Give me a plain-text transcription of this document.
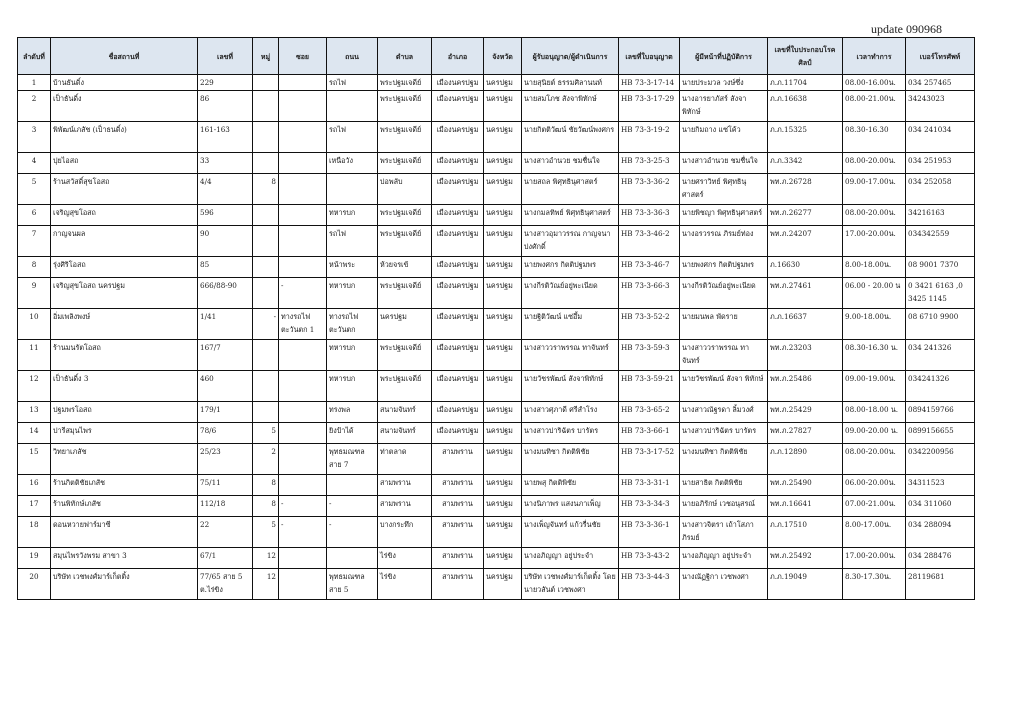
update 090968
ลำดับที่	ชื่อสถานที่	เลขที่	หมู่	ซอย	ถนน	ตำบล	อำเภอ	จังหวัด	ผู้รับอนุญาต/ผู้ดำเนินการ	เลขที่ใบอนุญาต	ผู้มีหน้าที่ปฏิบัติการ	เลขที่ใบประกอบโรคศิลป์	เวลาทำการ	เบอร์โทรศัพท์
1	บ้านธันดิ์ง	229			รถไฟ	พระปฐมเจดีย์	เมืองนครปฐม	นครปฐม	นายสุนิยต์ ธรรมศิลานนท์	HB 73-3-17-14	นายประมวล วงษ์ซึ่ง	ภ.ภ.11704	08.00-16.00น.	034 257465
2	เป็าธันดิ์ง	86				พระปฐมเจดีย์	เมืองนครปฐม	นครปฐม	นายสมโภช สังจาพิทักษ์	HB 73-3-17-29	นางอารยาภัสร์ สังจา พิทักษ์	ภ.ภ.16638	08.00-21.00น.	34243023
3	พิพัฒน์เภสัช (เป็าธนดิ์ง)	161-163			รถไฟ	พระปฐมเจดีย์	เมืองนครปฐม	นครปฐม	นายกิตติวัฒน์ ชัยวัฒน์พงศกร	HB 73-3-19-2	นายกิมถาง แซ่โค้ว	ภ.ภ.15325	08.30-16.30	034 241034
4	ปุยไอสถ	33			เหนือวัง	พระปฐมเจดีย์	เมืองนครปฐม	นครปฐม	นางสาวอำนวย ชมชื่นใจ	HB 73-3-25-3	นางสาวอำนวย ชมชื่นใจ	ภ.ภ.3342	08.00-20.00น.	034 251953
5	ร้านสวัสดิ์สุขโอสถ	4/4	8			บ่อพลับ	เมืองนครปฐม	นครปฐม	นายสถล พิศุทธินุศาสตร์	HB 73-3-36-2	นายศราวิทย์ พิศุทธินุ ศาสตร์	พท.ภ.26728	09.00-17.00น.	034 252058
6	เจริญสุขโอสถ	596			ทหารบก	พระปฐมเจดีย์	เมืองนครปฐม	นครปฐม	นางกมลทิพย์ พิศุทธินุศาสตร์	HB 73-3-36-3	นายพิชญา พิศุทธินุศาสตร์	พท.ภ.26277	08.00-20.00น.	34216163
7	กาญจนผล	90			รถไฟ	พระปฐมเจดีย์	เมืองนครปฐม	นครปฐม	นางสาวอุมาวรรณ กาญจนาบ่งศักดิ์	HB 73-3-46-2	นางอรวรรณ ภิรมย์ท่อง	พท.ภ.24207	17.00-20.00น.	034342559
8	รุ่งศิริโอสถ	85			หน้าพระ	ห้วยจรเข้	เมืองนครปฐม	นครปฐม	นายพงศกร กิตติปฐมพร	HB 73-3-46-7	นายพงศกร กิตติปฐมพร	ภ.16630	8.00-18.00น.	08 9001 7370
9	เจริญสุขโอสถ นครปฐม	666/88-90		-	ทหารบก	พระปฐมเจดีย์	เมืองนครปฐม	นครปฐม	นางกีรติวัณย์อยู่พะเนียด	HB 73-3-66-3	นางกีรติวัณย์อยู่พะเนียด	พท.ภ.27461	06.00 - 20.00 น	0 3421 6163 ,0 3425 1145
10	อิ่มเพลิงพงษ์	1/41	-	ทางรถไฟ ตะวันตก 1	ทางรถไฟ ตะวันตก	นครปฐม	เมืองนครปฐม	นครปฐม	นายฐิติวัฒน์ แซ่อึ้ม	HB 73-3-52-2	นายมนพล พัดราย	ภ.ภ.16637	9.00-18.00น.	08 6710 9900
11	ร้านมนรัตโอสถ	167/7			ทหารบก	พระปฐมเจดีย์	เมืองนครปฐม	นครปฐม	นางสาววราพรรณ ทาจันทร์	HB 73-3-59-3	นางสาววราพรรณ ทา จันทร์	พท.ภ.23203	08.30-16.30 น.	034 241326
12	เป็าธันดิ์ง 3	460			ทหารบก	พระปฐมเจดีย์	เมืองนครปฐม	นครปฐม	นายวัชรพัฒน์ สังจาพิทักษ์	HB 73-3-59-21	นายวัชรพัฒน์ สังจา พิทักษ์	พท.ภ.25486	09.00-19.00น.	034241326
13	ปฐมพรโอสถ	179/1			ทรงพล	สนามจันทร์	เมืองนครปฐม	นครปฐม	นางสาวศุภาดี ศรีสำโรง	HB 73-3-65-2	นางสาวณัฐรดา ลิ้มวงศ์	พท.ภ.25429	08.00-18.00 น.	0894159766
14	ปารีสมุนไพร	78/6	5		ยิงป้าได้	สนามจันทร์	เมืองนครปฐม	นครปฐม	นางสาวปาริฉัตร บารัตร	HB 73-3-66-1	นางสาวปาริฉัตร บารัตร	พท.ภ.27827	09.00-20.00 น.	0899156655
15	วิทยาเภสัช	25/23	2		พุทธมณฑล สาย 7	ท่าตลาด	สามพราน	นครปฐม	นางมนทิชา กิตติพิชัย	HB 73-3-17-52	นางมนทิชา กิตติพิชัย	ภ.ภ.12890	08.00-20.00น.	0342200956
16	ร้านกิตติชัยเภสัช	75/11	8			สามพราน	สามพราน	นครปฐม	นายพสุ กิตติพิชัย	HB 73-3-31-1	นายสาธิต กิตติพิชัย	พท.ภ.25490	06.00-20.00น.	34311523
17	ร้านพิทักษ์เภสัช	112/18	8	-	-	สามพราน	สามพราน	นครปฐม	นางนิภาพร แสงนภาเพ็ญ	HB 73-3-34-3	นายอภิรักษ์ เวชอนุสรณ์	พท.ภ.16641	07.00-21.00น.	034 311060
18	ดอนหวายฟาร์มาซี	22	5	-	-	บางกระทึก	สามพราน	นครปฐม	นางเพ็ญจันทร์ แก้วรื่นชัย	HB 73-3-36-1	นางสาวจิตรา เถ้าโสภา ภิรมย์	ภ.ภ.17510	8.00-17.00น.	034 288094
19	สมุนไพรวังพรม สาขา 3	67/1	12			ไร่ขิง	สามพราน	นครปฐม	นางอภิญญา อยู่ประจำ	HB 73-3-43-2	นางอภิญญา อยู่ประจำ	พท.ภ.25492	17.00-20.00น.	034 288476
20	บริษัท เวชพงศ์มาร์เก็ตติ้ง	77/65 สาย 5 ต.ไร่ขิง	12		พุทธมณฑล สาย 5	ไร่ขิง	สามพราน	นครปฐม	บริษัท เวชพงศ์มาร์เก็ตติ้ง โดย นายวสันต์ เวชพงศา	HB 73-3-44-3	นางณัฏฐิกา เวชพงศา	ภ.ภ.19049	8.30-17.30น.	28119681
